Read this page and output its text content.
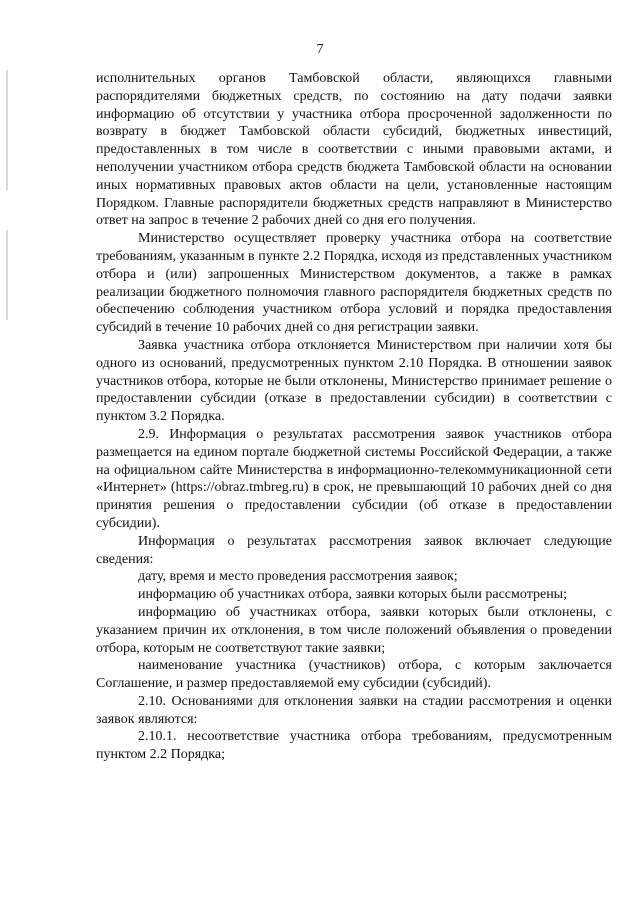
7

исполнительных органов Тамбовской области, являющихся главными распорядителями бюджетных средств, по состоянию на дату подачи заявки информацию об отсутствии у участника отбора просроченной задолженности по возврату в бюджет Тамбовской области субсидий, бюджетных инвестиций, предоставленных в том числе в соответствии с иными правовыми актами, и неполучении участником отбора средств бюджета Тамбовской области на основании иных нормативных правовых актов области на цели, установленные настоящим Порядком. Главные распорядители бюджетных средств направляют в Министерство ответ на запрос в течение 2 рабочих дней со дня его получения.

Министерство осуществляет проверку участника отбора на соответствие требованиям, указанным в пункте 2.2 Порядка, исходя из представленных участником отбора и (или) запрошенных Министерством документов, а также в рамках реализации бюджетного полномочия главного распорядителя бюджетных средств по обеспечению соблюдения участником отбора условий и порядка предоставления субсидий в течение 10 рабочих дней со дня регистрации заявки.

Заявка участника отбора отклоняется Министерством при наличии хотя бы одного из оснований, предусмотренных пунктом 2.10 Порядка. В отношении заявок участников отбора, которые не были отклонены, Министерство принимает решение о предоставлении субсидии (отказе в предоставлении субсидии) в соответствии с пунктом 3.2 Порядка.

2.9. Информация о результатах рассмотрения заявок участников отбора размещается на едином портале бюджетной системы Российской Федерации, а также на официальном сайте Министерства в информационно-телекоммуникационной сети «Интернет» (https://obraz.tmbreg.ru) в срок, не превышающий 10 рабочих дней со дня принятия решения о предоставлении субсидии (об отказе в предоставлении субсидии).

Информация о результатах рассмотрения заявок включает следующие сведения:

дату, время и место проведения рассмотрения заявок;

информацию об участниках отбора, заявки которых были рассмотрены;

информацию об участниках отбора, заявки которых были отклонены, с указанием причин их отклонения, в том числе положений объявления о проведении отбора, которым не соответствуют такие заявки;

наименование участника (участников) отбора, с которым заключается Соглашение, и размер предоставляемой ему субсидии (субсидий).

2.10. Основаниями для отклонения заявки на стадии рассмотрения и оценки заявок являются:

2.10.1. несоответствие участника отбора требованиям, предусмотренным пунктом 2.2 Порядка;
